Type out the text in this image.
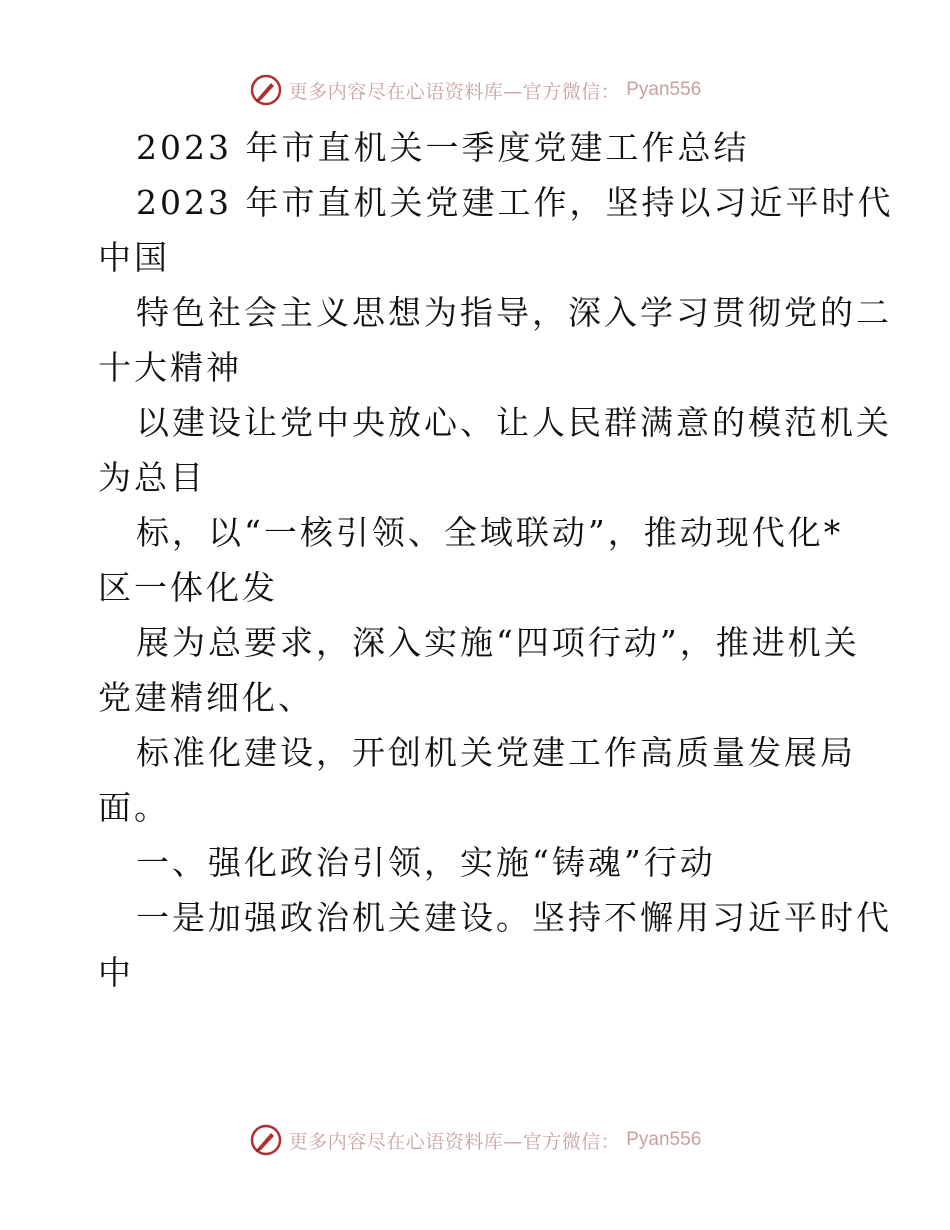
更多内容尽在心语资料库—官方微信： Pyan556
2023 年市直机关一季度党建工作总结
2023 年市直机关党建工作，坚持以习近平时代
中国
特色社会主义思想为指导，深入学习贯彻党的二
十大精神
以建设让党中央放心、让人民群满意的模范机关
为总目
标，以“一核引领、全域联动”，推动现代化*
区一体化发
展为总要求，深入实施“四项行动”，推进机关
党建精细化、
标准化建设，开创机关党建工作高质量发展局
面。
一、强化政治引领，实施“铸魂”行动
一是加强政治机关建设。坚持不懈用习近平时代
中
更多内容尽在心语资料库—官方微信： Pyan556
